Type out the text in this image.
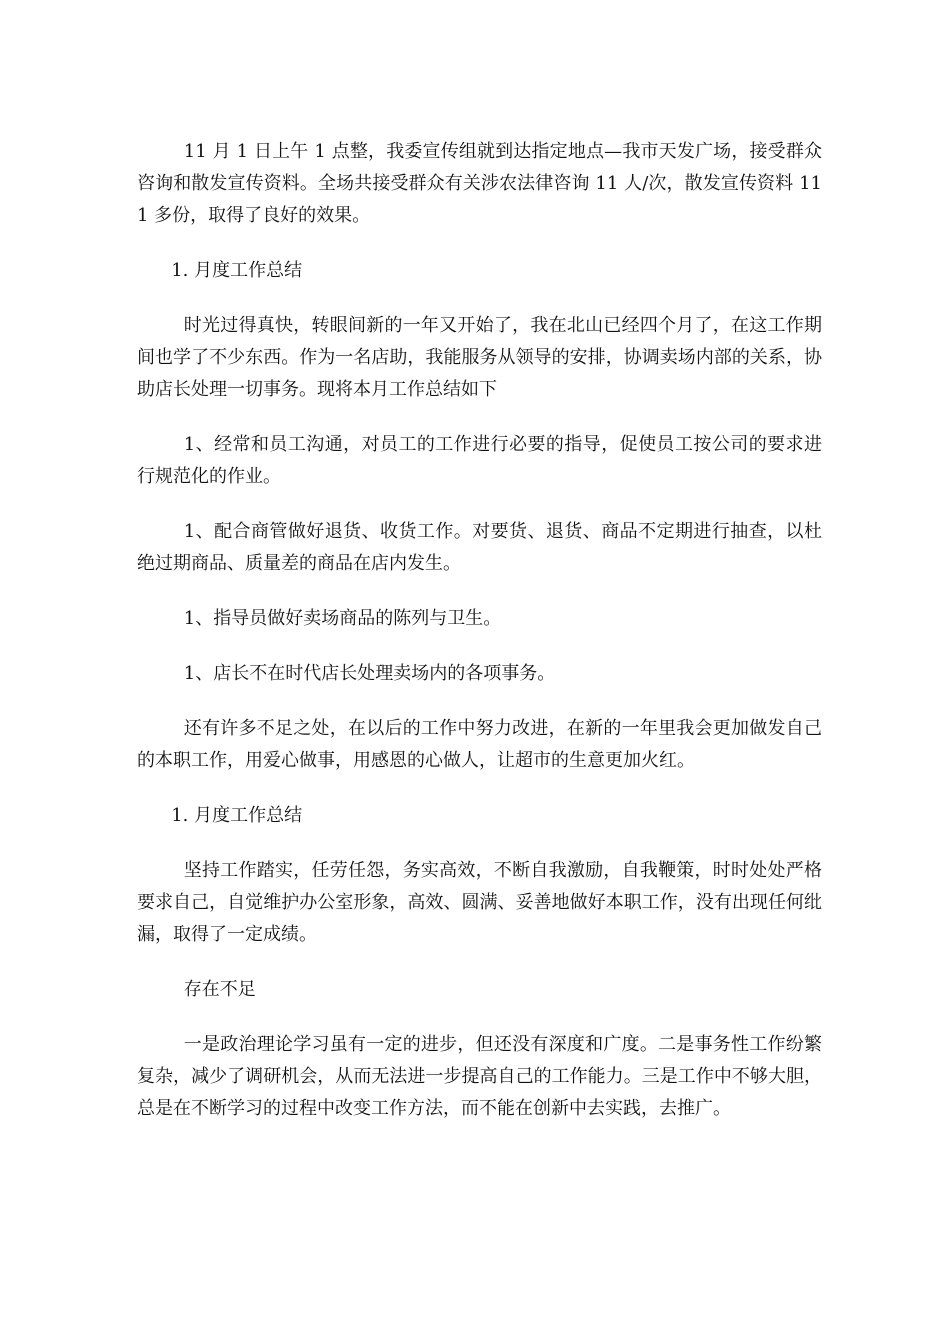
11 月 1 日上午 1 点整，我委宣传组就到达指定地点—我市天发广场，接受群众咨询和散发宣传资料。全场共接受群众有关涉农法律咨询 11 人/次，散发宣传资料 111 多份，取得了良好的效果。

1. 月度工作总结

时光过得真快，转眼间新的一年又开始了，我在北山已经四个月了，在这工作期间也学了不少东西。作为一名店助，我能服务从领导的安排，协调卖场内部的关系，协助店长处理一切事务。现将本月工作总结如下

1、经常和员工沟通，对员工的工作进行必要的指导，促使员工按公司的要求进行规范化的作业。

1、配合商管做好退货、收货工作。对要货、退货、商品不定期进行抽查，以杜绝过期商品、质量差的商品在店内发生。

1、指导员做好卖场商品的陈列与卫生。

1、店长不在时代店长处理卖场内的各项事务。

还有许多不足之处，在以后的工作中努力改进，在新的一年里我会更加做发自己的本职工作，用爱心做事，用感恩的心做人，让超市的生意更加火红。

1. 月度工作总结

坚持工作踏实，任劳任怨，务实高效，不断自我激励，自我鞭策，时时处处严格要求自己，自觉维护办公室形象，高效、圆满、妥善地做好本职工作，没有出现任何纰漏，取得了一定成绩。

存在不足

一是政治理论学习虽有一定的进步，但还没有深度和广度。二是事务性工作纷繁复杂，减少了调研机会，从而无法进一步提高自己的工作能力。三是工作中不够大胆，总是在不断学习的过程中改变工作方法，而不能在创新中去实践，去推广。
